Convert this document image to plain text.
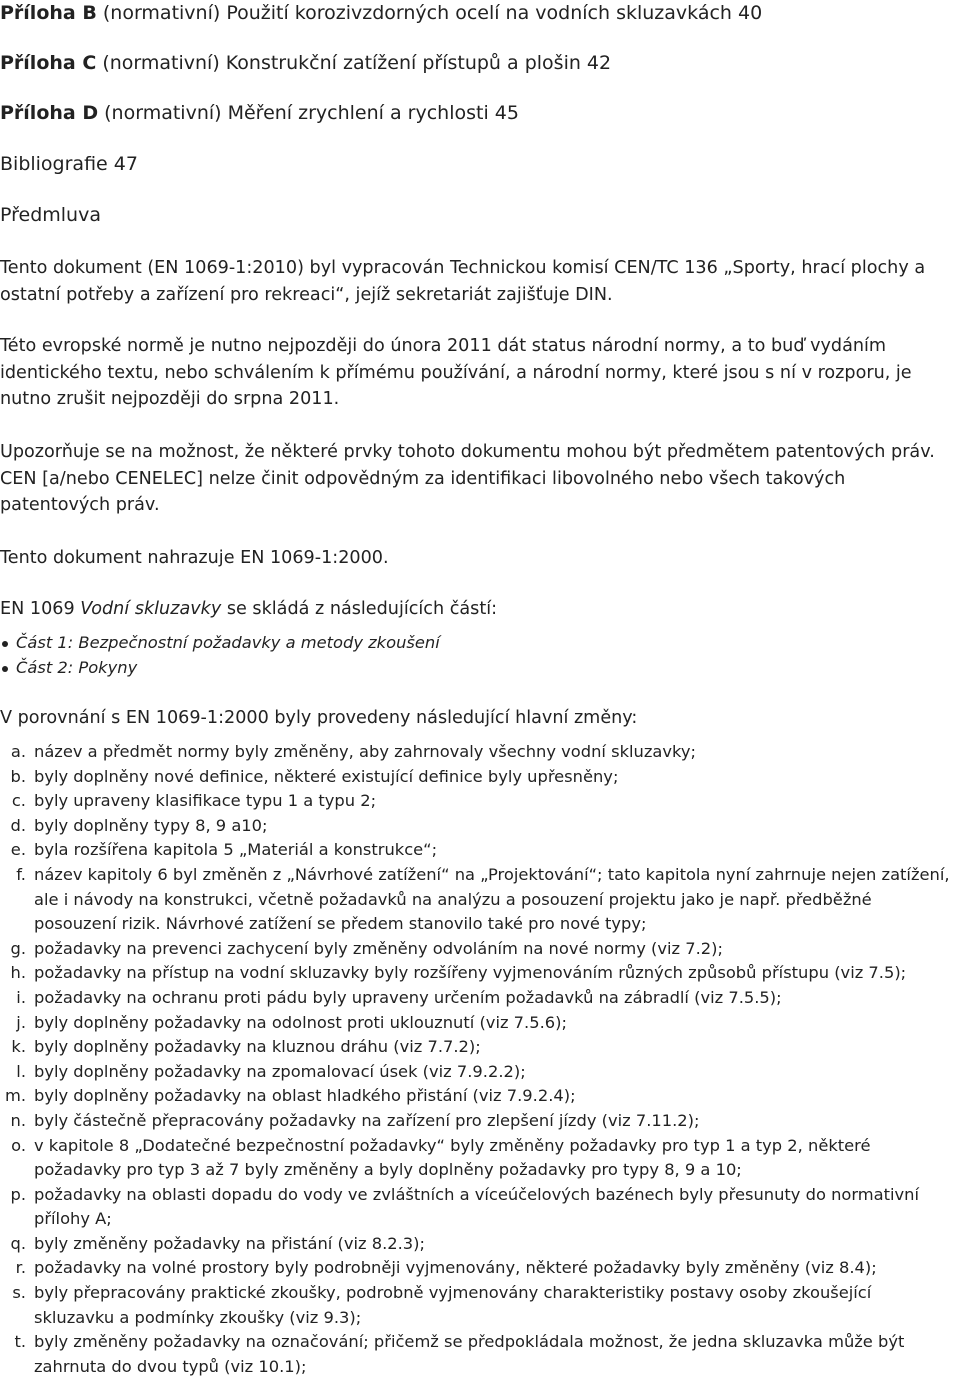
Příloha B (normativní) Použití korozivzdorných ocelí na vodních skluzavkách 40
Příloha C (normativní) Konstrukční zatížení přístupů a plošin 42
Příloha D (normativní) Měření zrychlení a rychlosti 45
Bibliografie 47
Předmluva
Tento dokument (EN 1069-1:2010) byl vypracován Technickou komisí CEN/TC 136 „Sporty, hrací plochy a ostatní potřeby a zařízení pro rekreaci“, jejíž sekretariát zajišťuje DIN.
Této evropské normě je nutno nejpozději do února 2011 dát status národní normy, a to buď vydáním identického textu, nebo schválením k přímému používání, a národní normy, které jsou s ní v rozporu, je nutno zrušit nejpozději do srpna 2011.
Upozorňuje se na možnost, že některé prvky tohoto dokumentu mohou být předmětem patentových práv. CEN [a/nebo CENELEC] nelze činit odpovědným za identifikaci libovolného nebo všech takových patentových práv.
Tento dokument nahrazuje EN 1069-1:2000.
EN 1069 Vodní skluzavky se skládá z následujících částí:
Část 1: Bezpečnostní požadavky a metody zkoušení
Část 2: Pokyny
V porovnání s EN 1069-1:2000 byly provedeny následující hlavní změny:
a. název a předmět normy byly změněny, aby zahrnovaly všechny vodní skluzavky;
b. byly doplněny nové definice, některé existující definice byly upřesněny;
c. byly upraveny klasifikace typu 1 a typu 2;
d. byly doplněny typy 8, 9 a10;
e. byla rozšířena kapitola 5 „Materiál a konstrukce“;
f. název kapitoly 6 byl změněn z „Návrhové zatížení“ na „Projektování“; tato kapitola nyní zahrnuje nejen zatížení, ale i návody na konstrukci, včetně požadavků na analýzu a posouzení projektu jako je např. předběžné posouzení rizik. Návrhové zatížení se předem stanovilo také pro nové typy;
g. požadavky na prevenci zachycení byly změněny odvoláním na nové normy (viz 7.2);
h. požadavky na přístup na vodní skluzavky byly rozšířeny vyjmenováním různých způsobů přístupu (viz 7.5);
i. požadavky na ochranu proti pádu byly upraveny určením požadavků na zábradlí (viz 7.5.5);
j. byly doplněny požadavky na odolnost proti uklouznutí (viz 7.5.6);
k. byly doplněny požadavky na kluznou dráhu (viz 7.7.2);
l. byly doplněny požadavky na zpomalovací úsek (viz 7.9.2.2);
m. byly doplněny požadavky na oblast hladkého přistání (viz 7.9.2.4);
n. byly částečně přepracovány požadavky na zařízení pro zlepšení jízdy (viz 7.11.2);
o. v kapitole 8 „Dodatečné bezpečnostní požadavky“ byly změněny požadavky pro typ 1 a typ 2, některé požadavky pro typ 3 až 7 byly změněny a byly doplněny požadavky pro typy 8, 9 a 10;
p. požadavky na oblasti dopadu do vody ve zvláštních a víceúčelových bazénech byly přesunuty do normativní přílohy A;
q. byly změněny požadavky na přistání (viz 8.2.3);
r. požadavky na volné prostory byly podrobněji vyjmenovány, některé požadavky byly změněny (viz 8.4);
s. byly přepracovány praktické zkoušky, podrobně vyjmenovány charakteristiky postavy osoby zkoušející skluzavku a podmínky zkoušky (viz 9.3);
t. byly změněny požadavky na označování; přičemž se předpokládala možnost, že jedna skluzavka může být zahrnuta do dvou typů (viz 10.1);
